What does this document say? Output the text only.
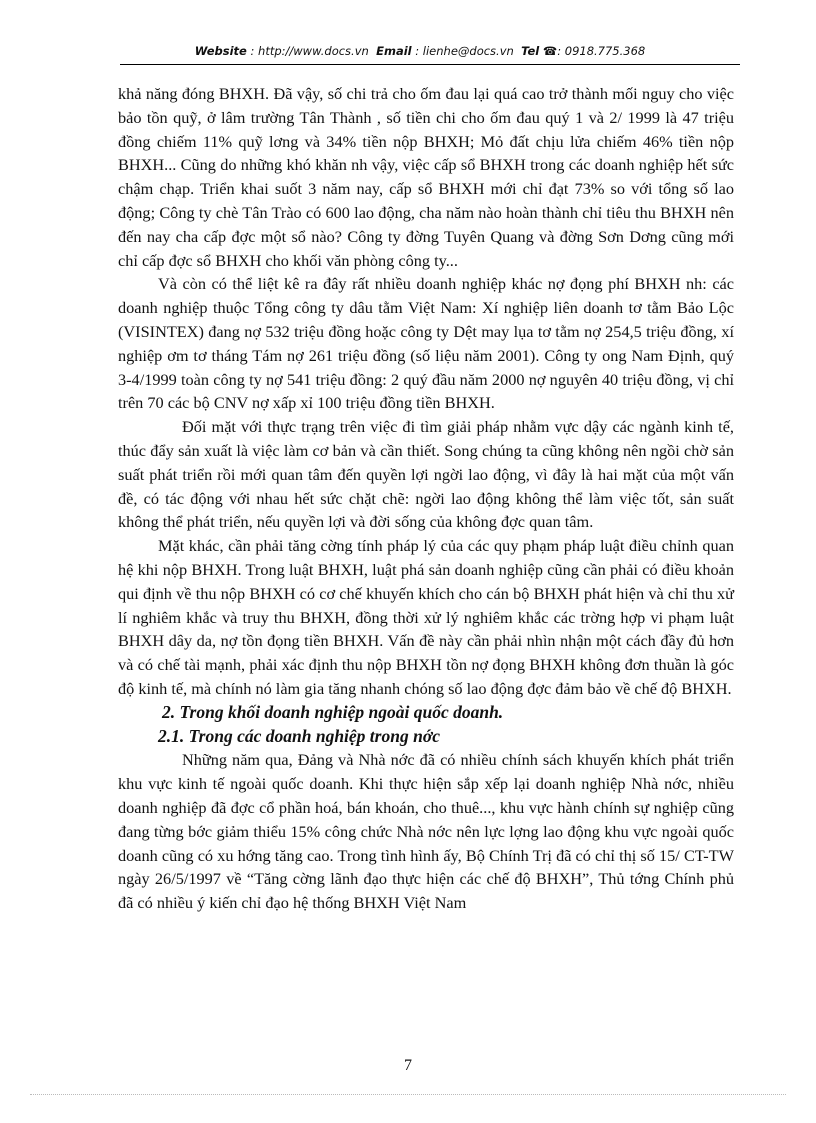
Website : http://www.docs.vn Email : lienhe@docs.vn Tel ☎: 0918.775.368

khả năng đóng BHXH. Đã vậy, số chi trả cho ốm đau lại quá cao trở thành mối nguy cho việc bảo tồn quỹ, ở lâm trường Tân Thành , số tiền chi cho ốm đau quý 1 và 2/ 1999 là 47 triệu đồng chiếm 11% quỹ lơng và 34% tiền nộp BHXH; Mỏ đất chịu lửa chiếm 46% tiền nộp BHXH... Cũng do những khó khăn nh vậy, việc cấp sổ BHXH trong các doanh nghiệp hết sức chậm chạp. Triển khai suốt 3 năm nay, cấp sổ BHXH mới chỉ đạt 73% so với tổng số lao động; Công ty chè Tân Trào có 600 lao động, cha năm nào hoàn thành chỉ tiêu thu BHXH nên đến nay cha cấp đợc một sổ nào? Công ty đờng Tuyên Quang và đờng Sơn Dơng cũng mới chỉ cấp đợc sổ BHXH cho khối văn phòng công ty...

Và còn có thể liệt kê ra đây rất nhiều doanh nghiệp khác nợ đọng phí BHXH nh: các doanh nghiệp thuộc Tổng công ty dâu tằm Việt Nam: Xí nghiệp liên doanh tơ tằm Bảo Lộc (VISINTEX) đang nợ 532 triệu đồng hoặc công ty Dệt may lụa tơ tằm nợ 254,5 triệu đồng, xí nghiệp ơm tơ tháng Tám nợ 261 triệu đồng (số liệu năm 2001). Công ty ong Nam Định, quý 3-4/1999 toàn công ty nợ 541 triệu đồng: 2 quý đầu năm 2000 nợ nguyên 40 triệu đồng, vị chỉ trên 70 các bộ CNV nợ xấp xỉ 100 triệu đồng tiền BHXH.

Đối mặt với thực trạng trên việc đi tìm giải pháp nhằm vực dậy các ngành kinh tế, thúc đẩy sản xuất là việc làm cơ bản và cần thiết. Song chúng ta cũng không nên ngồi chờ sản suất phát triển rồi mới quan tâm đến quyền lợi ngời lao động, vì đây là hai mặt của một vấn đề, có tác động với nhau hết sức chặt chẽ: ngời lao động không thể làm việc tốt, sản suất không thể phát triển, nếu quyền lợi và đời sống của không đợc quan tâm.

Mặt khác, cần phải tăng cờng tính pháp lý của các quy phạm pháp luật điều chỉnh quan hệ khi nộp BHXH. Trong luật BHXH, luật phá sản doanh nghiệp cũng cần phải có điều khoản qui định về thu nộp BHXH có cơ chế khuyến khích cho cán bộ BHXH phát hiện và chỉ thu xử lí nghiêm khắc và truy thu BHXH, đồng thời xử lý nghiêm khắc các trờng hợp vi phạm luật BHXH dây da, nợ tồn đọng tiền BHXH. Vấn đề này cần phải nhìn nhận một cách đầy đủ hơn và có chế tài mạnh, phải xác định thu nộp BHXH tồn nợ đọng BHXH không đơn thuần là góc độ kinh tế, mà chính nó làm gia tăng nhanh chóng số lao động đợc đảm bảo về chế độ BHXH.

2. Trong khối doanh nghiệp ngoài quốc doanh.

2.1. Trong các doanh nghiệp trong nớc

Những năm qua, Đảng và Nhà nớc đã có nhiều chính sách khuyến khích phát triển khu vực kinh tế ngoài quốc doanh. Khi thực hiện sắp xếp lại doanh nghiệp Nhà nớc, nhiều doanh nghiệp đã đợc cổ phần hoá, bán khoán, cho thuê..., khu vực hành chính sự nghiệp cũng đang từng bớc giảm thiểu 15% công chức Nhà nớc nên lực lợng lao động khu vực ngoài quốc doanh cũng có xu hớng tăng cao. Trong tình hình ấy, Bộ Chính Trị đã có chỉ thị số 15/ CT-TW ngày 26/5/1997 về “Tăng cờng lãnh đạo thực hiện các chế độ BHXH”, Thủ tớng Chính phủ đã có nhiều ý kiến chỉ đạo hệ thống BHXH Việt Nam

7
